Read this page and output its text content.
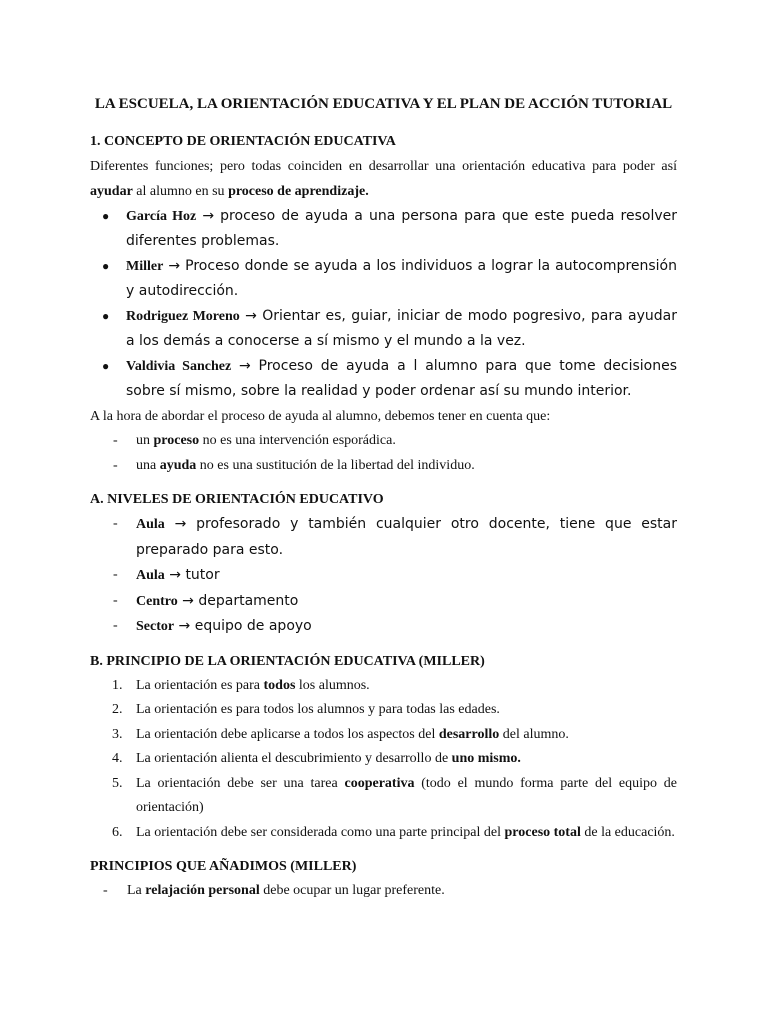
LA ESCUELA, LA ORIENTACIÓN EDUCATIVA Y EL PLAN DE ACCIÓN TUTORIAL
1. CONCEPTO DE ORIENTACIÓN EDUCATIVA

Diferentes funciones; pero todas coinciden en desarrollar una orientación educativa para poder así ayudar al alumno en su proceso de aprendizaje.

● García Hoz → proceso de ayuda a una persona para que este pueda resolver diferentes problemas.
● Miller → Proceso donde se ayuda a los individuos a lograr la autocomprensión y autodirección.
● Rodriguez Moreno → Orientar es, guiar, iniciar de modo pogresivo, para ayudar a los demás a conocerse a sí mismo y el mundo a la vez.
● Valdivia Sanchez → Proceso de ayuda a l alumno para que tome decisiones sobre sí mismo, sobre la realidad y poder ordenar así su mundo interior.

A la hora de abordar el proceso de ayuda al alumno, debemos tener en cuenta que:

- un proceso no es una intervención esporádica.
- una ayuda no es una sustitución de la libertad del individuo.
A. NIVELES DE ORIENTACIÓN EDUCATIVO
- Aula → profesorado y también cualquier otro docente, tiene que estar preparado para esto.
- Aula → tutor
- Centro → departamento
- Sector → equipo de apoyo
B. PRINCIPIO DE LA ORIENTACIÓN EDUCATIVA (MILLER)
1. La orientación es para todos los alumnos.
2. La orientación es para todos los alumnos y para todas las edades.
3. La orientación debe aplicarse a todos los aspectos del desarrollo del alumno.
4. La orientación alienta el descubrimiento y desarrollo de uno mismo.
5. La orientación debe ser una tarea cooperativa (todo el mundo forma parte del equipo de orientación)
6. La orientación debe ser considerada como una parte principal del proceso total de la educación.
PRINCIPIOS QUE AÑADIMOS (MILLER)
- La relajación personal debe ocupar un lugar preferente.
